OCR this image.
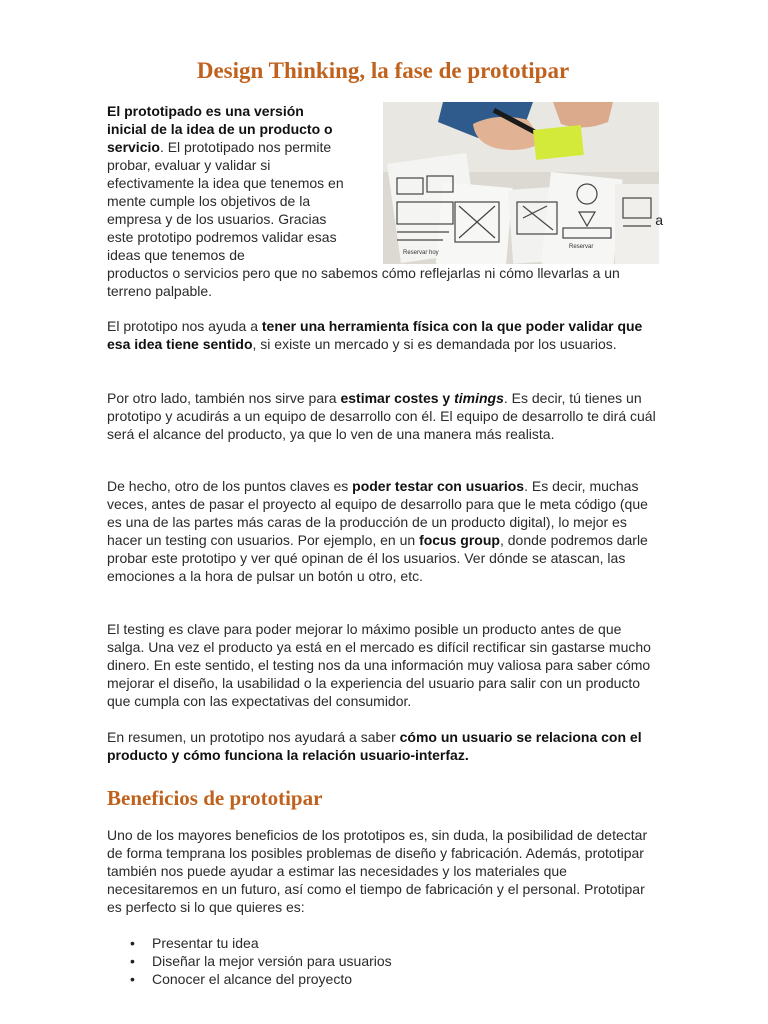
Design Thinking, la fase de prototipar
Reservar
Reservar hoy

El prototipado es una versión inicial de la idea de un producto o servicio. El prototipado nos permite probar, evaluar y validar si efectivamente la idea que tenemos en mente cumple los objetivos de la empresa y de los usuarios. Gracias este prototipo podremos validar esas ideas que tenemos de

a

productos o servicios pero que no sabemos cómo reflejarlas ni cómo llevarlas a un terreno palpable.

El prototipo nos ayuda a tener una herramienta física con la que poder validar que esa idea tiene sentido, si existe un mercado y si es demandada por los usuarios.

Por otro lado, también nos sirve para estimar costes y timings. Es decir, tú tienes un prototipo y acudirás a un equipo de desarrollo con él. El equipo de desarrollo te dirá cuál será el alcance del producto, ya que lo ven de una manera más realista.

De hecho, otro de los puntos claves es poder testar con usuarios. Es decir, muchas veces, antes de pasar el proyecto al equipo de desarrollo para que le meta código (que es una de las partes más caras de la producción de un producto digital), lo mejor es hacer un testing con usuarios. Por ejemplo, en un focus group, donde podremos darle probar este prototipo y ver qué opinan de él los usuarios. Ver dónde se atascan, las emociones a la hora de pulsar un botón u otro, etc.

El testing es clave para poder mejorar lo máximo posible un producto antes de que salga. Una vez el producto ya está en el mercado es difícil rectificar sin gastarse mucho dinero. En este sentido, el testing nos da una información muy valiosa para saber cómo mejorar el diseño, la usabilidad o la experiencia del usuario para salir con un producto que cumpla con las expectativas del consumidor.

En resumen, un prototipo nos ayudará a saber cómo un usuario se relaciona con el producto y cómo funciona la relación usuario-interfaz.

Beneficios de prototipar

Uno de los mayores beneficios de los prototipos es, sin duda, la posibilidad de detectar de forma temprana los posibles problemas de diseño y fabricación. Además, prototipar también nos puede ayudar a estimar las necesidades y los materiales que necesitaremos en un futuro, así como el tiempo de fabricación y el personal. Prototipar es perfecto si lo que quieres es:

• Presentar tu idea
• Diseñar la mejor versión para usuarios
• Conocer el alcance del proyecto
